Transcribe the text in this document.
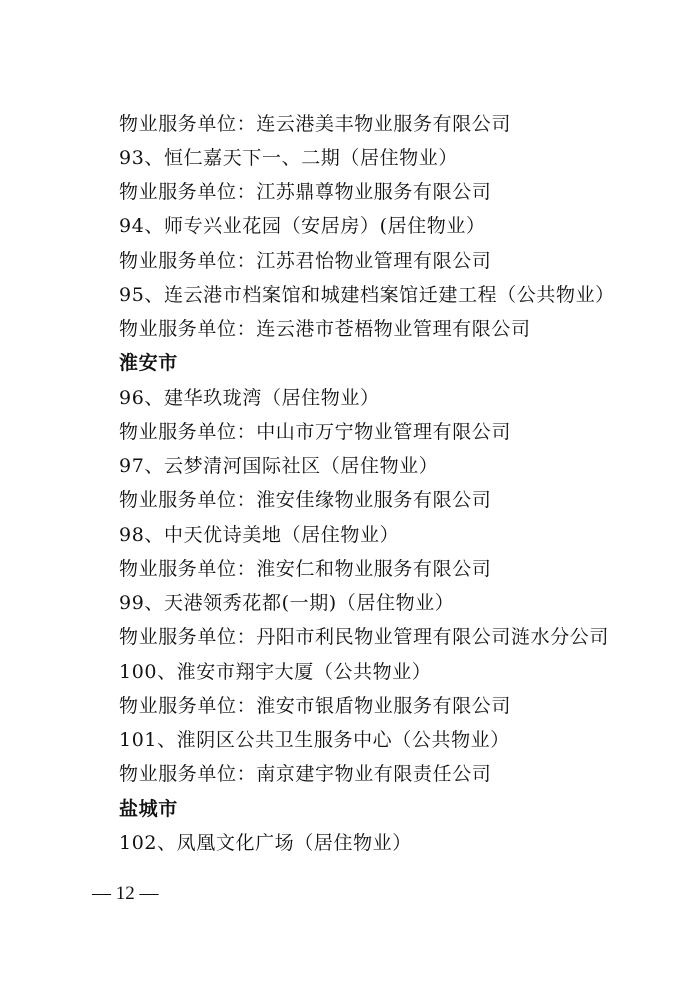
物业服务单位：连云港美丰物业服务有限公司
93、恒仁嘉天下一、二期（居住物业）
物业服务单位：江苏鼎尊物业服务有限公司
94、师专兴业花园（安居房）(居住物业）
物业服务单位：江苏君怡物业管理有限公司
95、连云港市档案馆和城建档案馆迁建工程（公共物业）
物业服务单位：连云港市苍梧物业管理有限公司
淮安市
96、建华玖珑湾（居住物业）
物业服务单位：中山市万宁物业管理有限公司
97、云梦清河国际社区（居住物业）
物业服务单位：淮安佳缘物业服务有限公司
98、中天优诗美地（居住物业）
物业服务单位：淮安仁和物业服务有限公司
99、天港领秀花都(一期)（居住物业）
物业服务单位：丹阳市利民物业管理有限公司涟水分公司
100、淮安市翔宇大厦（公共物业）
物业服务单位：淮安市银盾物业服务有限公司
101、淮阴区公共卫生服务中心（公共物业）
物业服务单位：南京建宇物业有限责任公司
盐城市
102、凤凰文化广场（居住物业）
— 12 —
